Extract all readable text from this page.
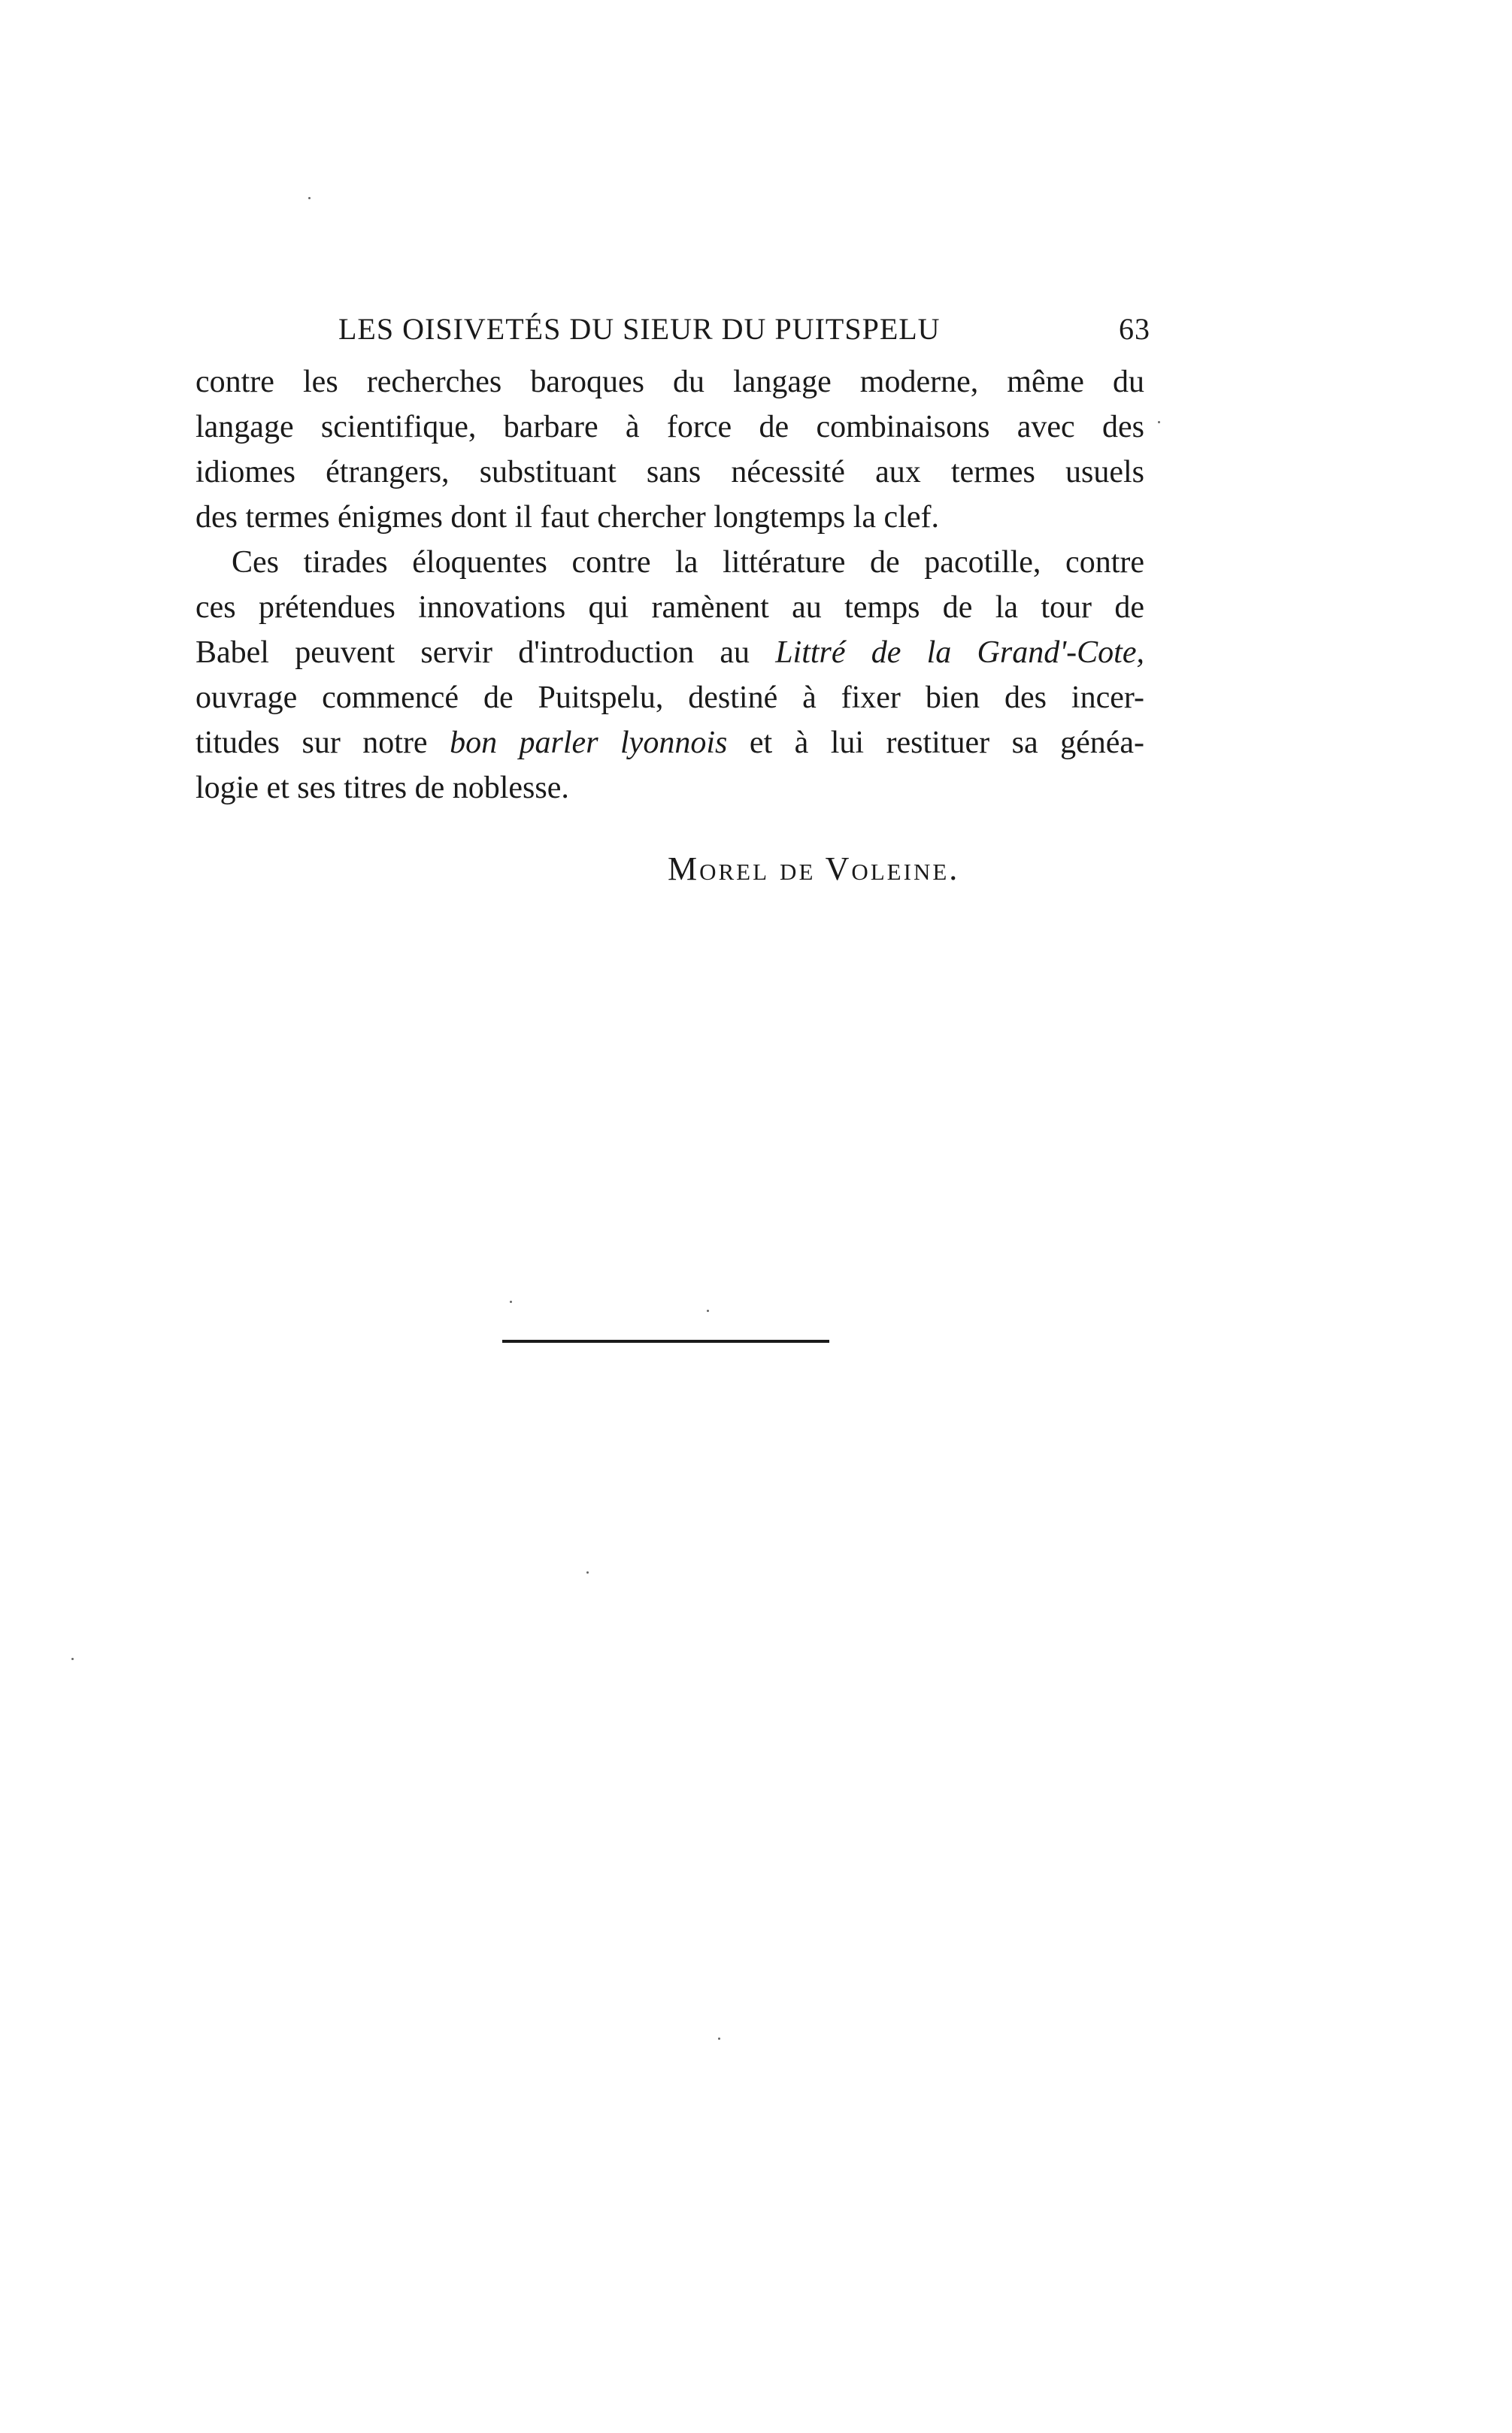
LES OISIVETÉS DU SIEUR DU PUITSPELU	63
contre les recherches baroques du langage moderne, même du
langage scientifique, barbare à force de combinaisons avec des
idiomes étrangers, substituant sans nécessité aux termes usuels
des termes énigmes dont il faut chercher longtemps la clef.
Ces tirades éloquentes contre la littérature de pacotille, contre
ces prétendues innovations qui ramènent au temps de la tour de
Babel peuvent servir d'introduction au Littré de la Grand'-Cote,
ouvrage commencé de Puitspelu, destiné à fixer bien des incer-
titudes sur notre bon parler lyonnois et à lui restituer sa généa-
logie et ses titres de noblesse.
Morel de Voleine.
